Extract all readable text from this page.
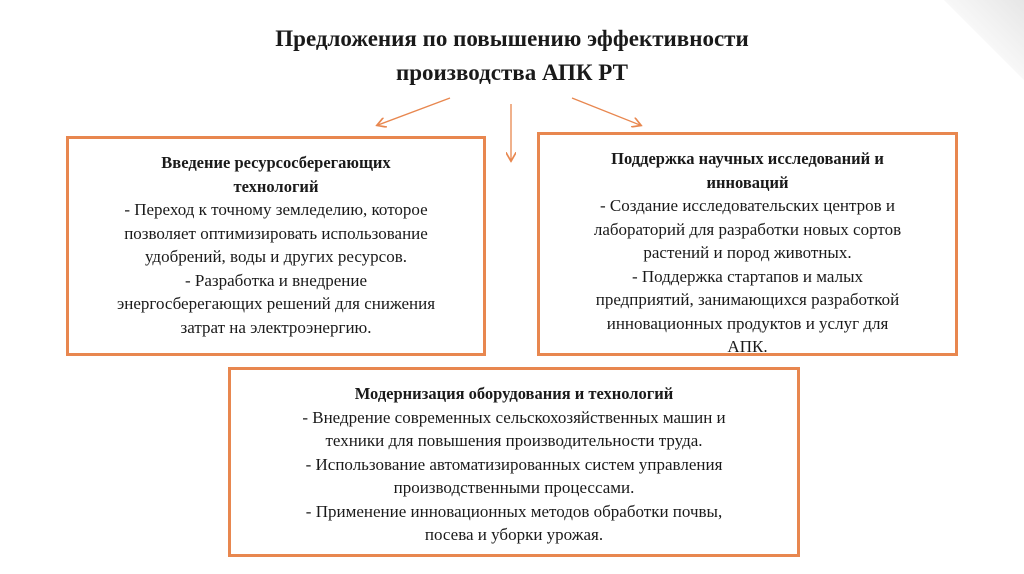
Предложения по повышению эффективности
производства АПК РТ
Введение ресурсосберегающих
технологий
- Переход к точному земледелию, которое
позволяет оптимизировать использование
удобрений, воды и других ресурсов.
- Разработка и внедрение
энергосберегающих решений для снижения
затрат на электроэнергию.
Поддержка научных исследований и
инноваций
- Создание исследовательских центров и
лабораторий для разработки новых сортов
растений и пород животных.
- Поддержка стартапов и малых
предприятий, занимающихся разработкой
инновационных продуктов и услуг для
АПК.
Модернизация оборудования и технологий
- Внедрение современных сельскохозяйственных машин и
техники для повышения производительности труда.
- Использование автоматизированных систем управления
производственными процессами.
- Применение инновационных методов обработки почвы,
посева и уборки урожая.
